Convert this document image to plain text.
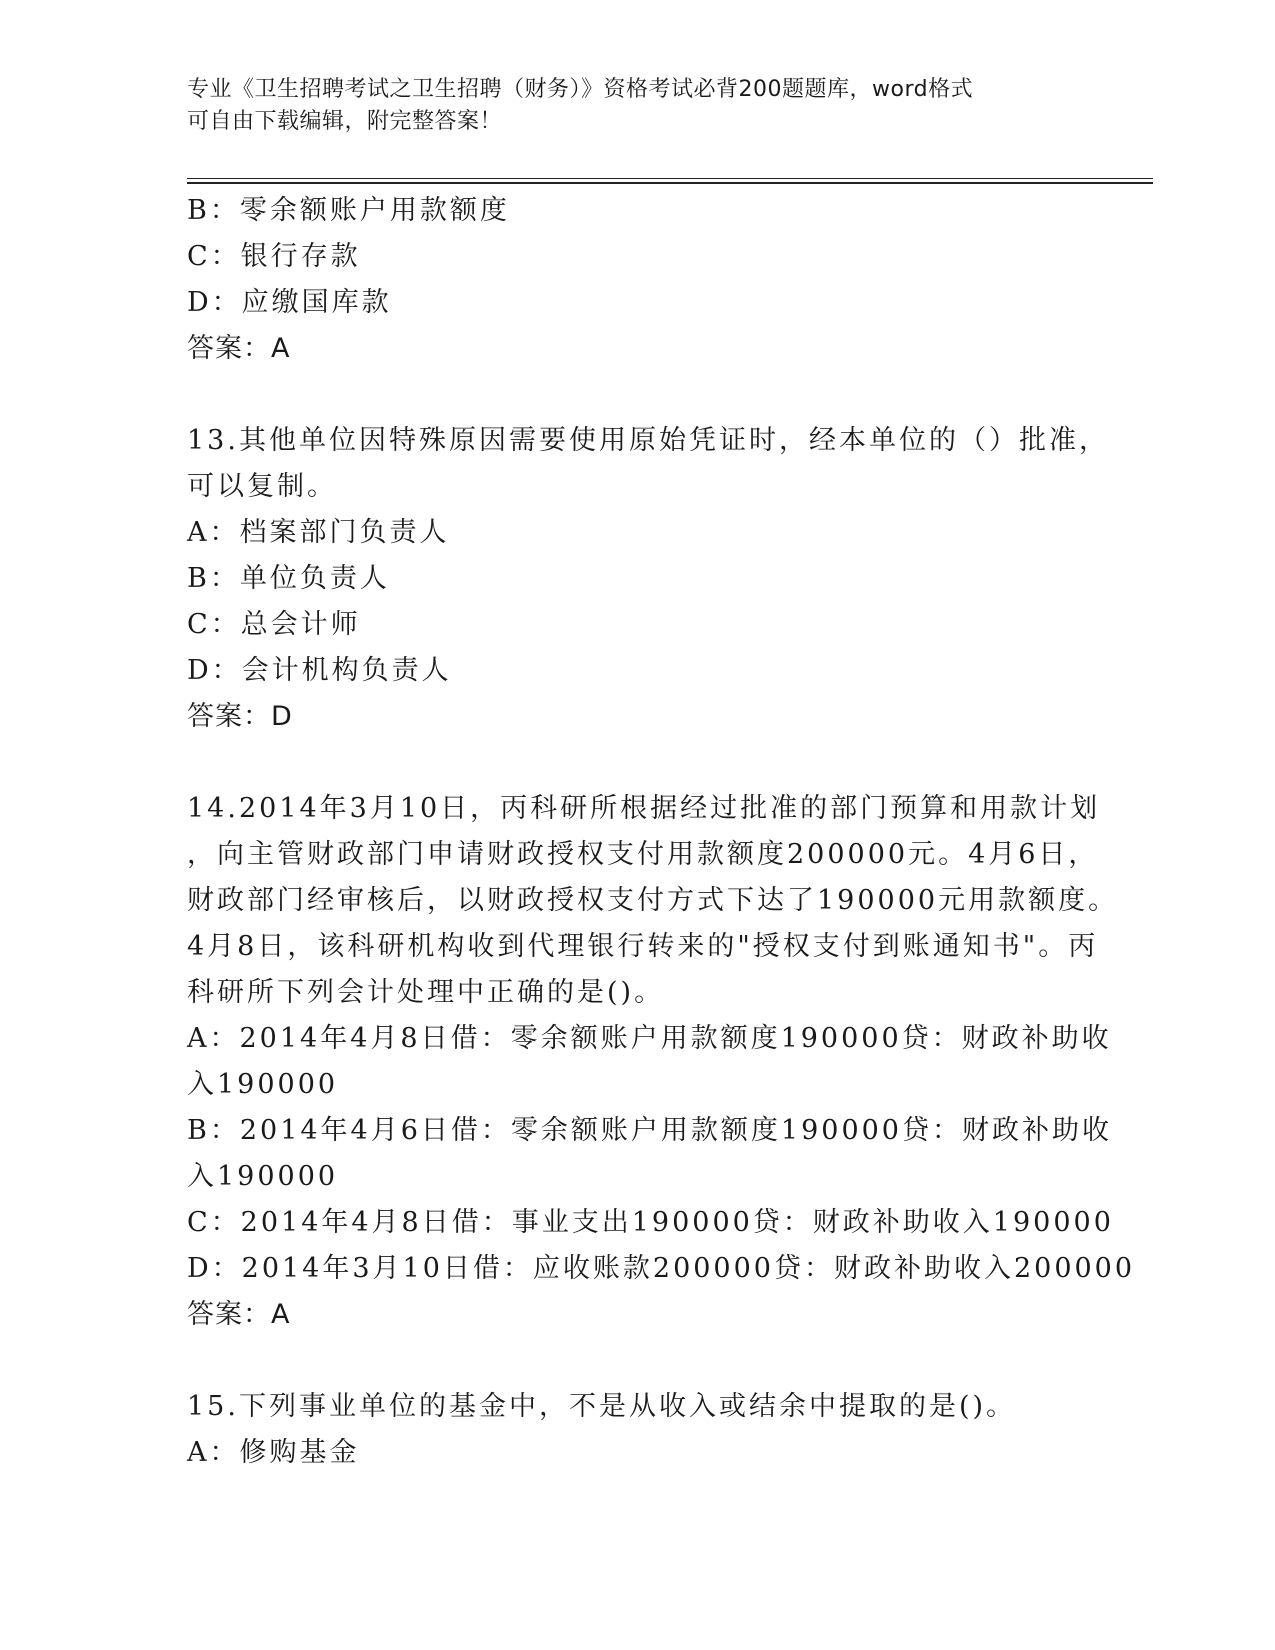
专业《卫生招聘考试之卫生招聘（财务）》资格考试必背200题题库，word格式
可自由下载编辑，附完整答案！
B：零余额账户用款额度
C：银行存款
D：应缴国库款
答案：A
13.其他单位因特殊原因需要使用原始凭证时，经本单位的（）批准，
可以复制。
A：档案部门负责人
B：单位负责人
C：总会计师
D：会计机构负责人
答案：D
14.2014年3月10日，丙科研所根据经过批准的部门预算和用款计划
，向主管财政部门申请财政授权支付用款额度200000元。4月6日，
财政部门经审核后，以财政授权支付方式下达了190000元用款额度。
4月8日，该科研机构收到代理银行转来的"授权支付到账通知书"。丙
科研所下列会计处理中正确的是()。
A：2014年4月8日借：零余额账户用款额度190000贷：财政补助收
入190000
B：2014年4月6日借：零余额账户用款额度190000贷：财政补助收
入190000
C：2014年4月8日借：事业支出190000贷：财政补助收入190000
D：2014年3月10日借：应收账款200000贷：财政补助收入200000
答案：A
15.下列事业单位的基金中，不是从收入或结余中提取的是()。
A：修购基金
